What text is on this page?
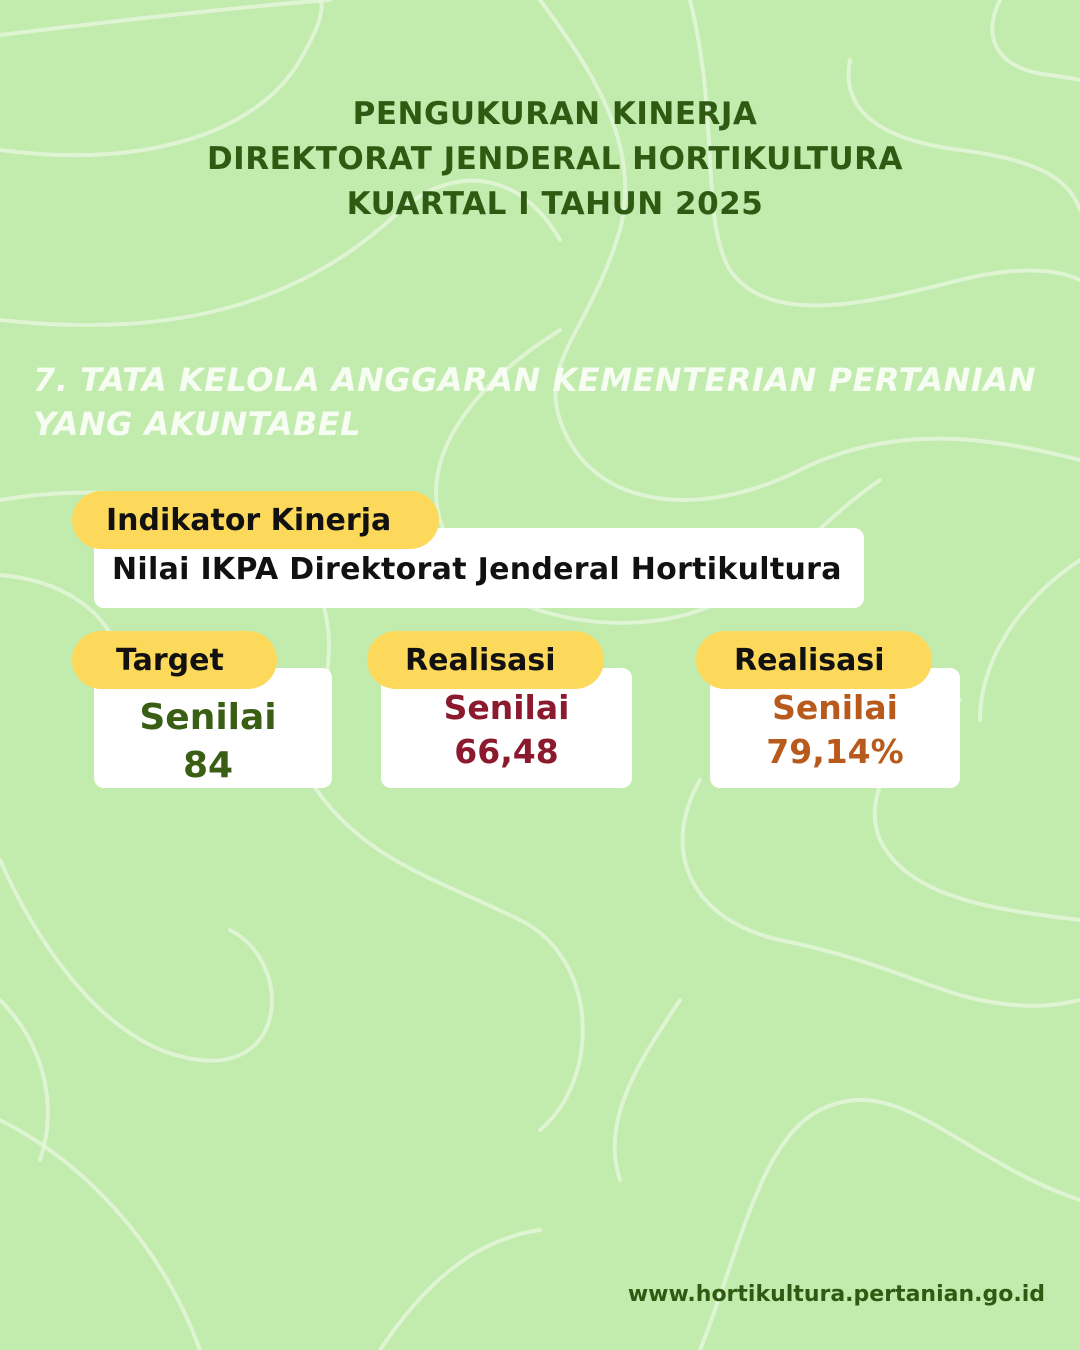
PENGUKURAN KINERJA
DIREKTORAT JENDERAL HORTIKULTURA
KUARTAL I TAHUN 2025
7. TATA KELOLA ANGGARAN KEMENTERIAN PERTANIAN
YANG AKUNTABEL
Indikator Kinerja
Nilai IKPA Direktorat Jenderal Hortikultura
Target
Senilai
84
Realisasi
Senilai
66,48
Realisasi
Senilai
79,14%
www.hortikultura.pertanian.go.id
